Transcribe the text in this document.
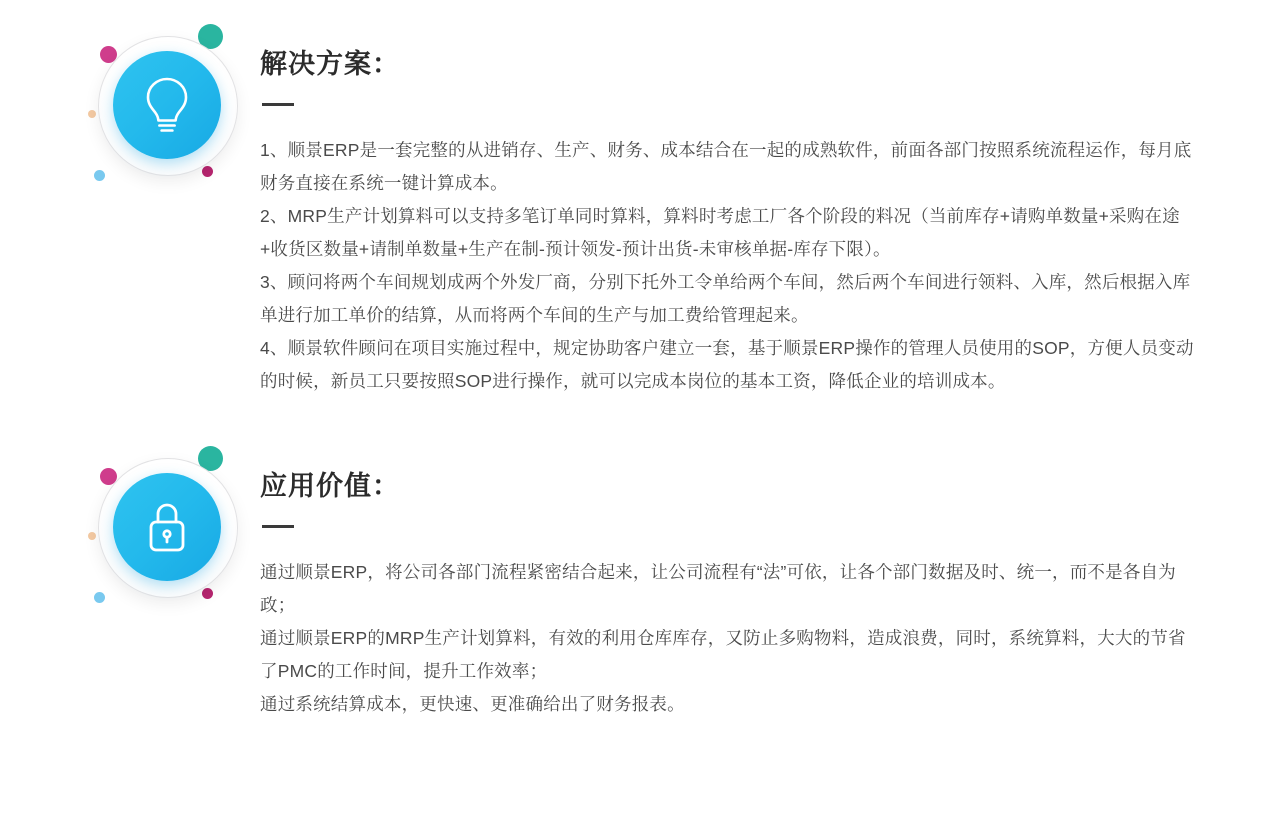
解决方案：

1、顺景ERP是一套完整的从进销存、生产、财务、成本结合在一起的成熟软件，前面各部门按照系统流程运作，每月底财务直接在系统一键计算成本。

2、MRP生产计划算料可以支持多笔订单同时算料，算料时考虑工厂各个阶段的料况（当前库存+请购单数量+采购在途+收货区数量+请制单数量+生产在制-预计领发-预计出货-未审核单据-库存下限）。

3、顾问将两个车间规划成两个外发厂商，分别下托外工令单给两个车间，然后两个车间进行领料、入库，然后根据入库单进行加工单价的结算，从而将两个车间的生产与加工费给管理起来。

4、顺景软件顾问在项目实施过程中，规定协助客户建立一套，基于顺景ERP操作的管理人员使用的SOP，方便人员变动的时候，新员工只要按照SOP进行操作，就可以完成本岗位的基本工资，降低企业的培训成本。

应用价值：

通过顺景ERP，将公司各部门流程紧密结合起来，让公司流程有“法”可依，让各个部门数据及时、统一，而不是各自为政；

通过顺景ERP的MRP生产计划算料，有效的利用仓库库存，又防止多购物料，造成浪费，同时，系统算料，大大的节省了PMC的工作时间，提升工作效率；

通过系统结算成本，更快速、更准确给出了财务报表。
